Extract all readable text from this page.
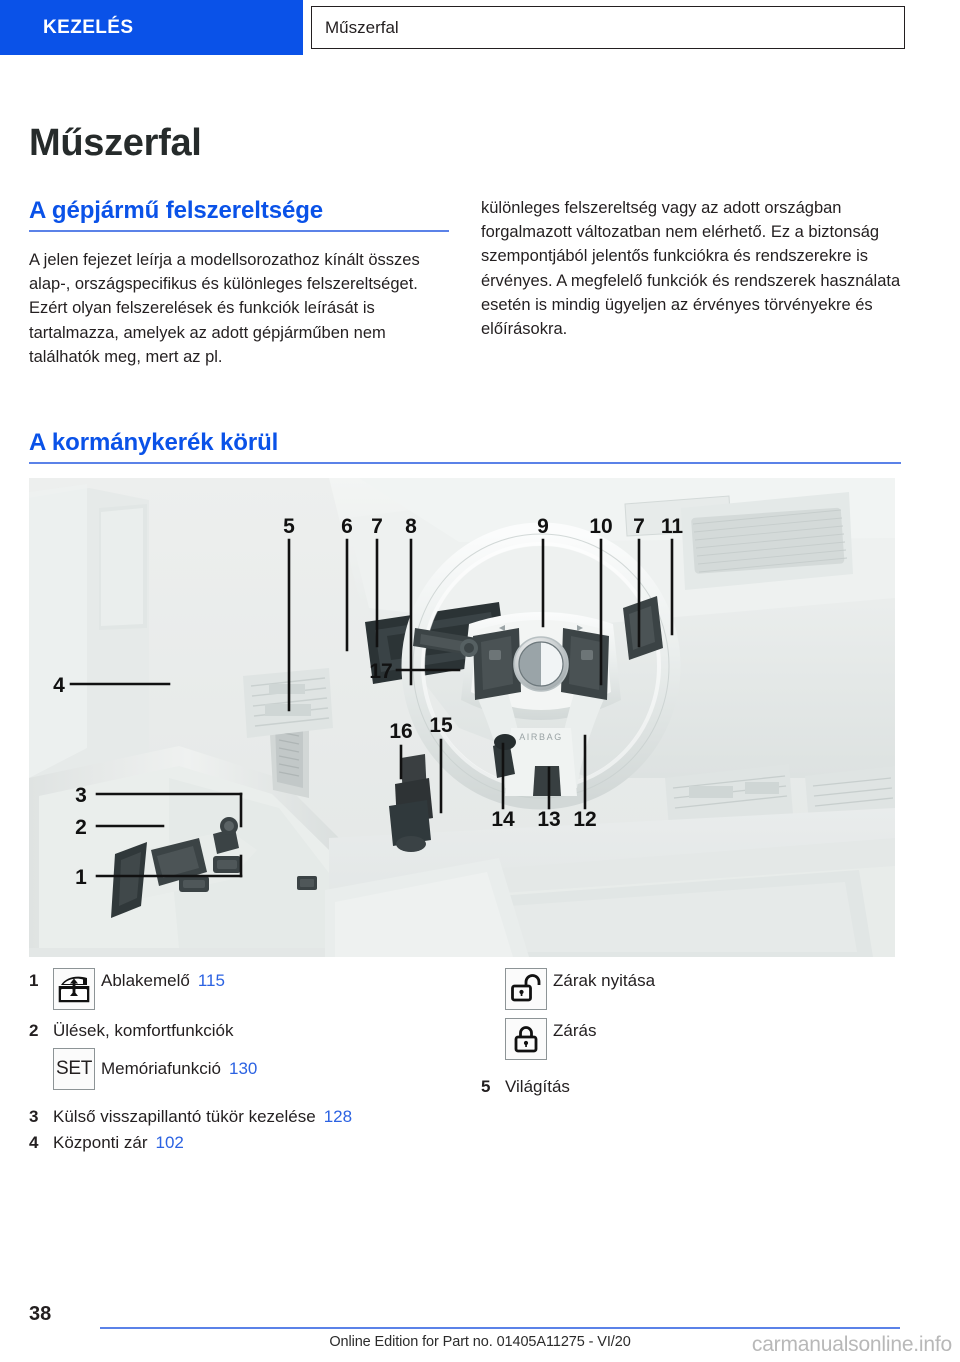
KEZELÉS	Műszerfal
Műszerfal
A gépjármű felszereltsége

A jelen fejezet leírja a modellsorozathoz kínált összes alap-, országspecifikus és különleges felszereltséget. Ezért olyan felszerelések és funkciók leírását is tartalmazza, amelyek az adott gépjárműben nem találhatók meg, mert az pl.

különleges felszereltség vagy az adott országban forgalmazott változatban nem elérhető. Ez a biztonság szempontjából jelentős funkciókra és rendszerekre is érvényes. A megfelelő funkciók és rendszerek használata esetén is mindig ügyeljen az érvényes törvényekre és előírásokra.

A kormánykerék körül
AIRBAG
5 6 7 8	9 10 7 11
4
17
16 15
14 13 12
3
2
1
1	Ablakemelő 115
2 Ülések, komfortfunkciók
SET Memóriafunkció 130
3 Külső visszapillantó tükör kezelése 128
4 Központi zár 102
Zárak nyitása
Zárás
5 Világítás
38
Online Edition for Part no. 01405A11275 - VI/20	carmanualsonline.info
